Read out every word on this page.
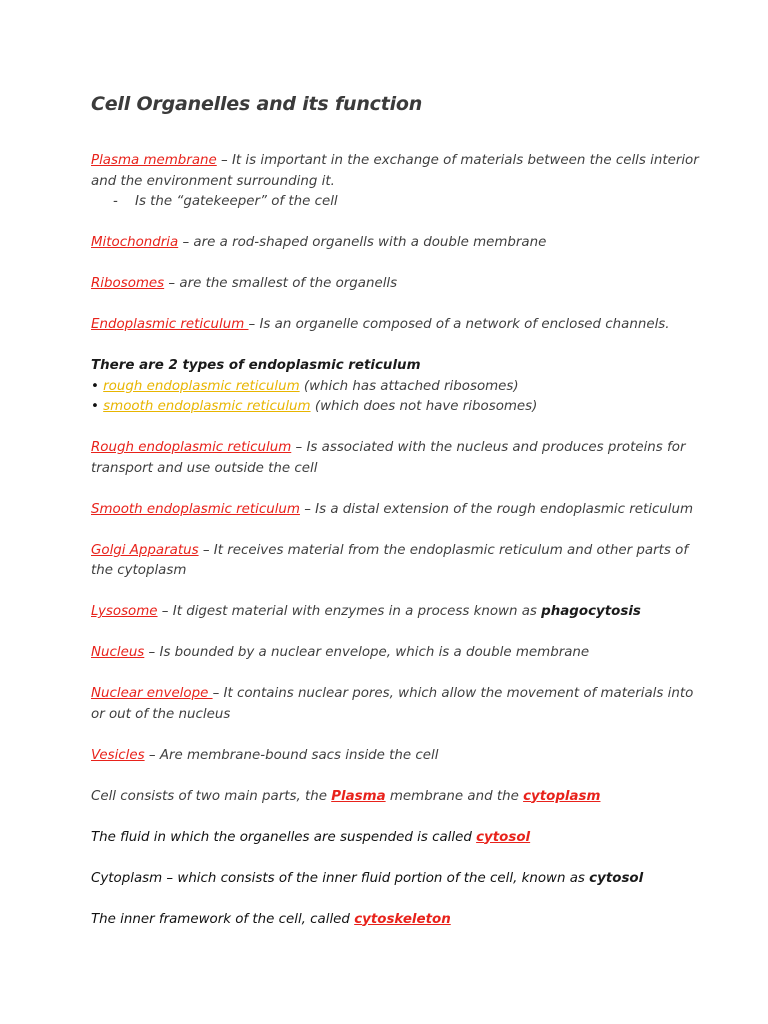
Cell Organelles and its function

Plasma membrane – It is important in the exchange of materials between the cells interior and the environment surrounding it.

- Is the “gatekeeper” of the cell

Mitochondria – are a rod-shaped organells with a double membrane

Ribosomes – are the smallest of the organells

Endoplasmic reticulum – Is an organelle composed of a network of enclosed channels.

There are 2 types of endoplasmic reticulum

• rough endoplasmic reticulum (which has attached ribosomes)

• smooth endoplasmic reticulum (which does not have ribosomes)

Rough endoplasmic reticulum – Is associated with the nucleus and produces proteins for transport and use outside the cell

Smooth endoplasmic reticulum – Is a distal extension of the rough endoplasmic reticulum

Golgi Apparatus – It receives material from the endoplasmic reticulum and other parts of the cytoplasm

Lysosome – It digest material with enzymes in a process known as phagocytosis

Nucleus – Is bounded by a nuclear envelope, which is a double membrane

Nuclear envelope – It contains nuclear pores, which allow the movement of materials into or out of the nucleus

Vesicles – Are membrane-bound sacs inside the cell

Cell consists of two main parts, the Plasma membrane and the cytoplasm

The fluid in which the organelles are suspended is called cytosol

Cytoplasm – which consists of the inner fluid portion of the cell, known as cytosol

The inner framework of the cell, called cytoskeleton
